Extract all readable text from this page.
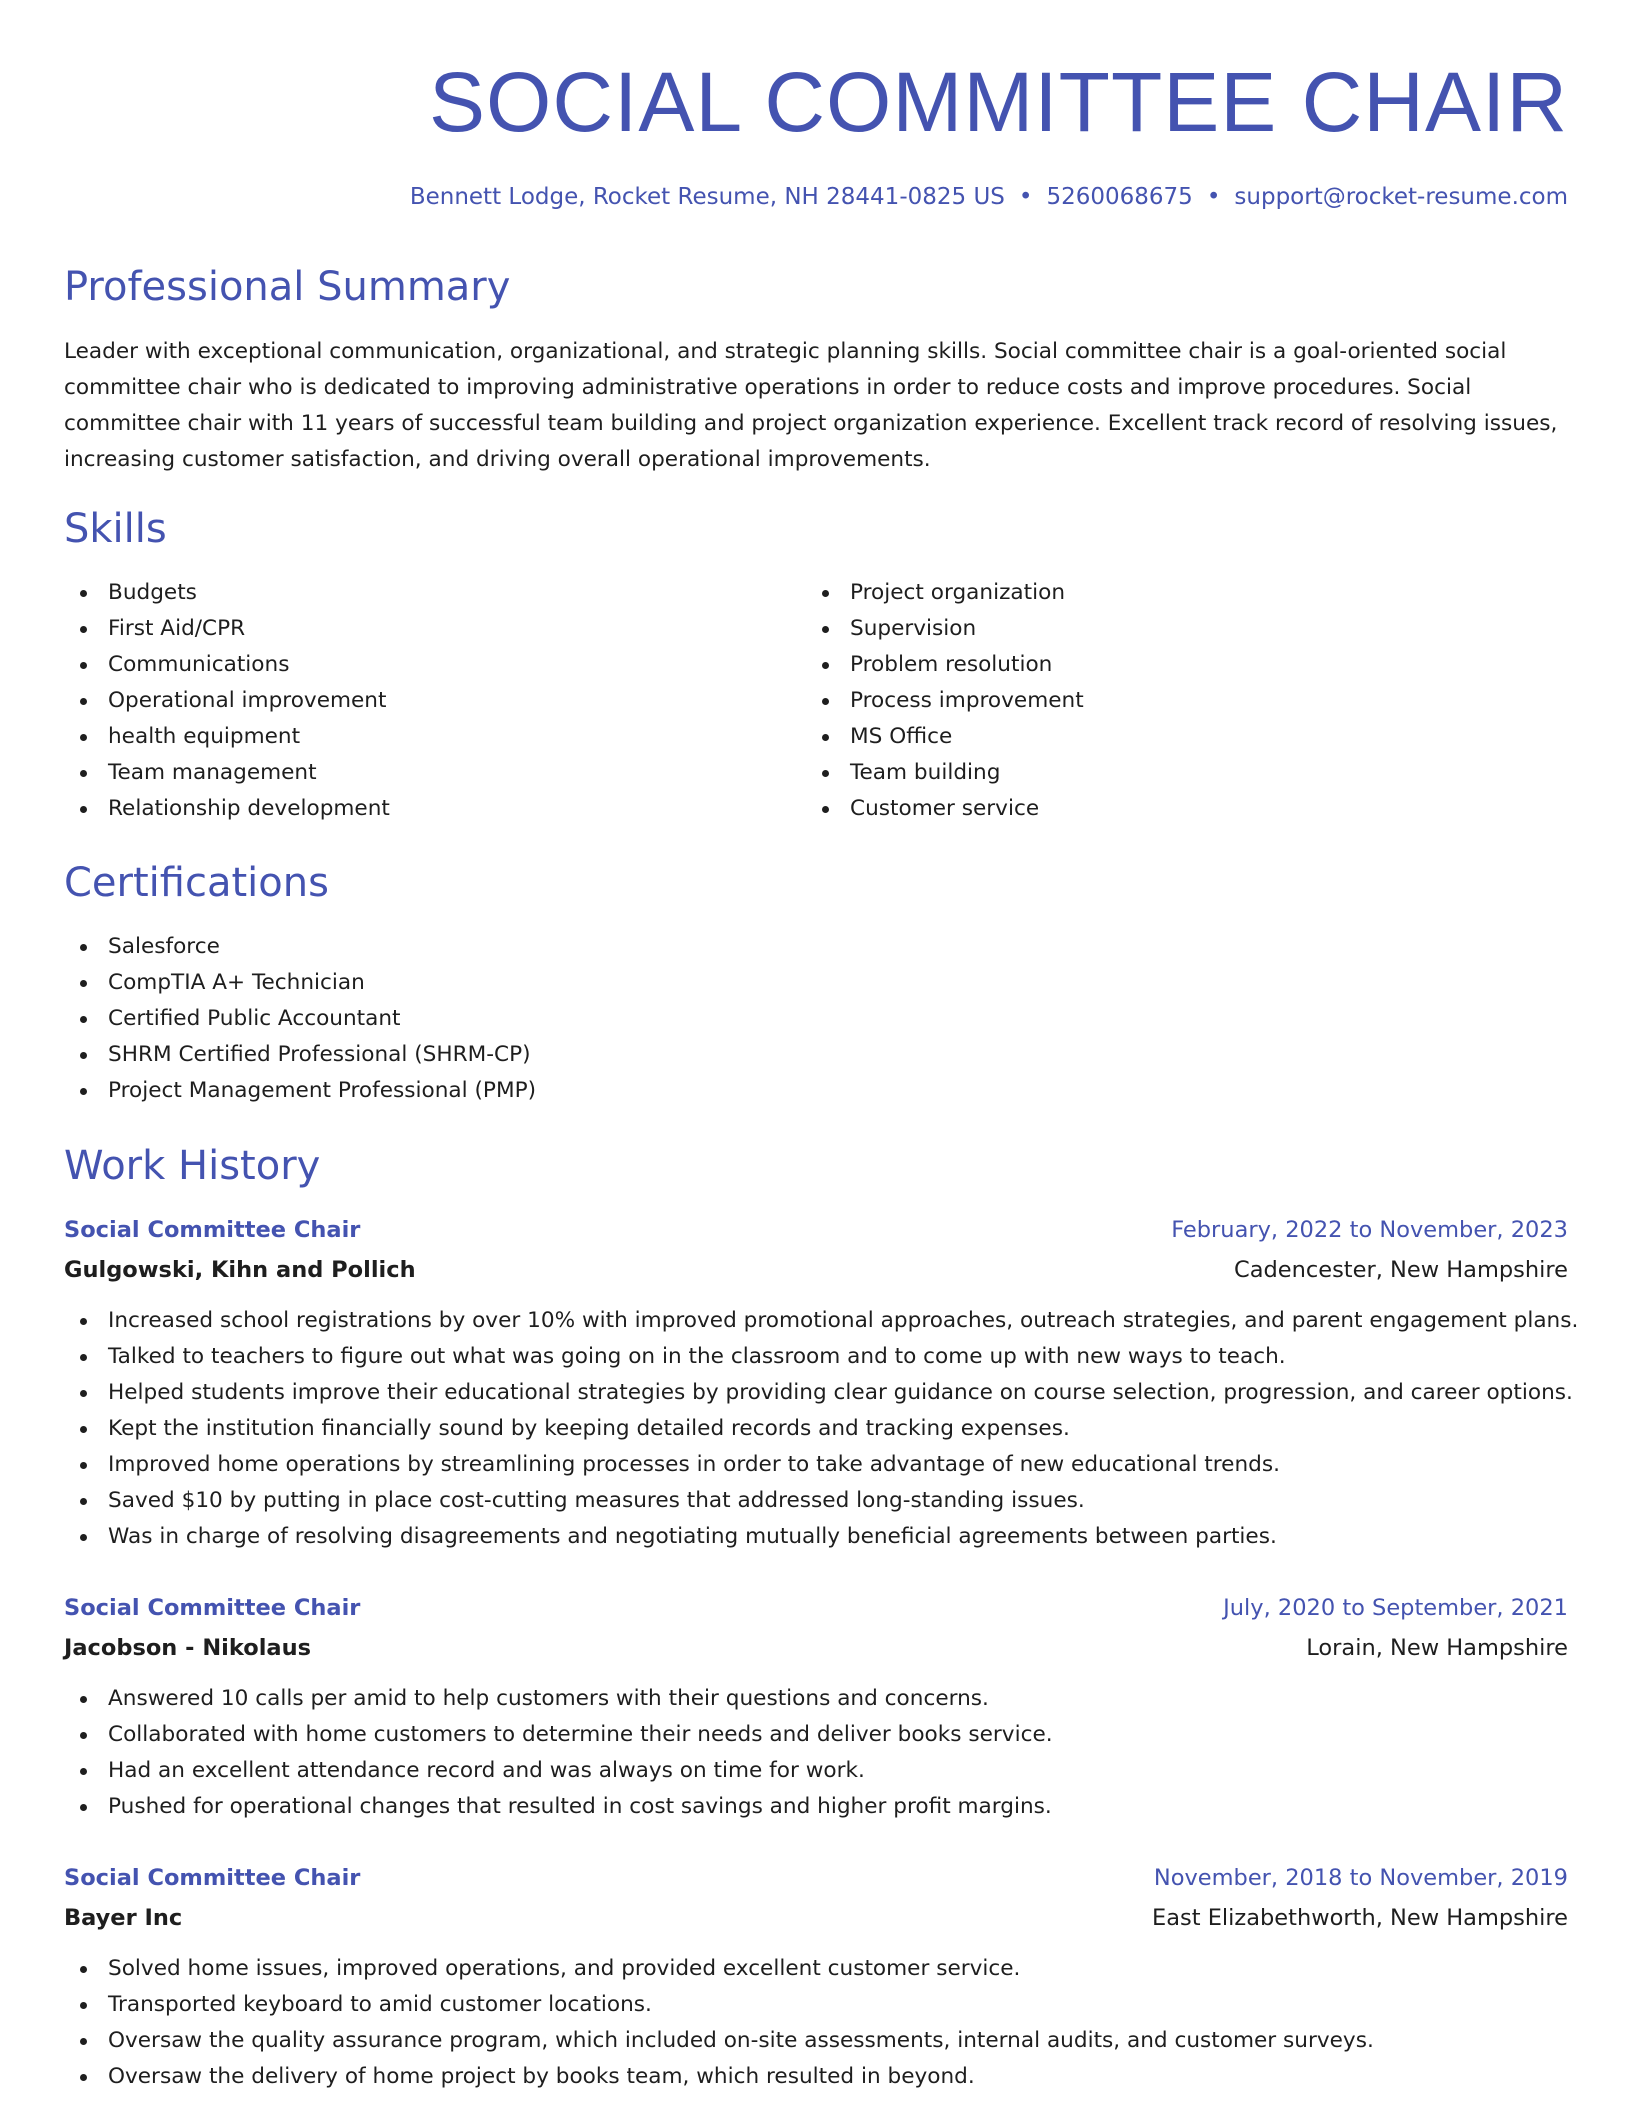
SOCIAL COMMITTEE CHAIR
Bennett Lodge, Rocket Resume, NH 28441-0825 US • 5260068675 • support@rocket-resume.com
Professional Summary

Leader with exceptional communication, organizational, and strategic planning skills. Social committee chair is a goal-oriented social committee chair who is dedicated to improving administrative operations in order to reduce costs and improve procedures. Social committee chair with 11 years of successful team building and project organization experience. Excellent track record of resolving issues, increasing customer satisfaction, and driving overall operational improvements.

Skills
Budgets
First Aid/CPR
Communications
Operational improvement
health equipment
Team management
Relationship development
Project organization
Supervision
Problem resolution
Process improvement
MS Office
Team building
Customer service
Certifications
Salesforce
CompTIA A+ Technician
Certified Public Accountant
SHRM Certified Professional (SHRM-CP)
Project Management Professional (PMP)
Work History
Social Committee Chair	February, 2022 to November, 2023
Gulgowski, Kihn and Pollich	Cadencester, New Hampshire
Increased school registrations by over 10% with improved promotional approaches, outreach strategies, and parent engagement plans.
Talked to teachers to figure out what was going on in the classroom and to come up with new ways to teach.
Helped students improve their educational strategies by providing clear guidance on course selection, progression, and career options.
Kept the institution financially sound by keeping detailed records and tracking expenses.
Improved home operations by streamlining processes in order to take advantage of new educational trends.
Saved $10 by putting in place cost-cutting measures that addressed long-standing issues.
Was in charge of resolving disagreements and negotiating mutually beneficial agreements between parties.
Social Committee Chair	July, 2020 to September, 2021
Jacobson - Nikolaus	Lorain, New Hampshire
Answered 10 calls per amid to help customers with their questions and concerns.
Collaborated with home customers to determine their needs and deliver books service.
Had an excellent attendance record and was always on time for work.
Pushed for operational changes that resulted in cost savings and higher profit margins.
Social Committee Chair	November, 2018 to November, 2019
Bayer Inc	East Elizabethworth, New Hampshire
Solved home issues, improved operations, and provided excellent customer service.
Transported keyboard to amid customer locations.
Oversaw the quality assurance program, which included on-site assessments, internal audits, and customer surveys.
Oversaw the delivery of home project by books team, which resulted in beyond.
